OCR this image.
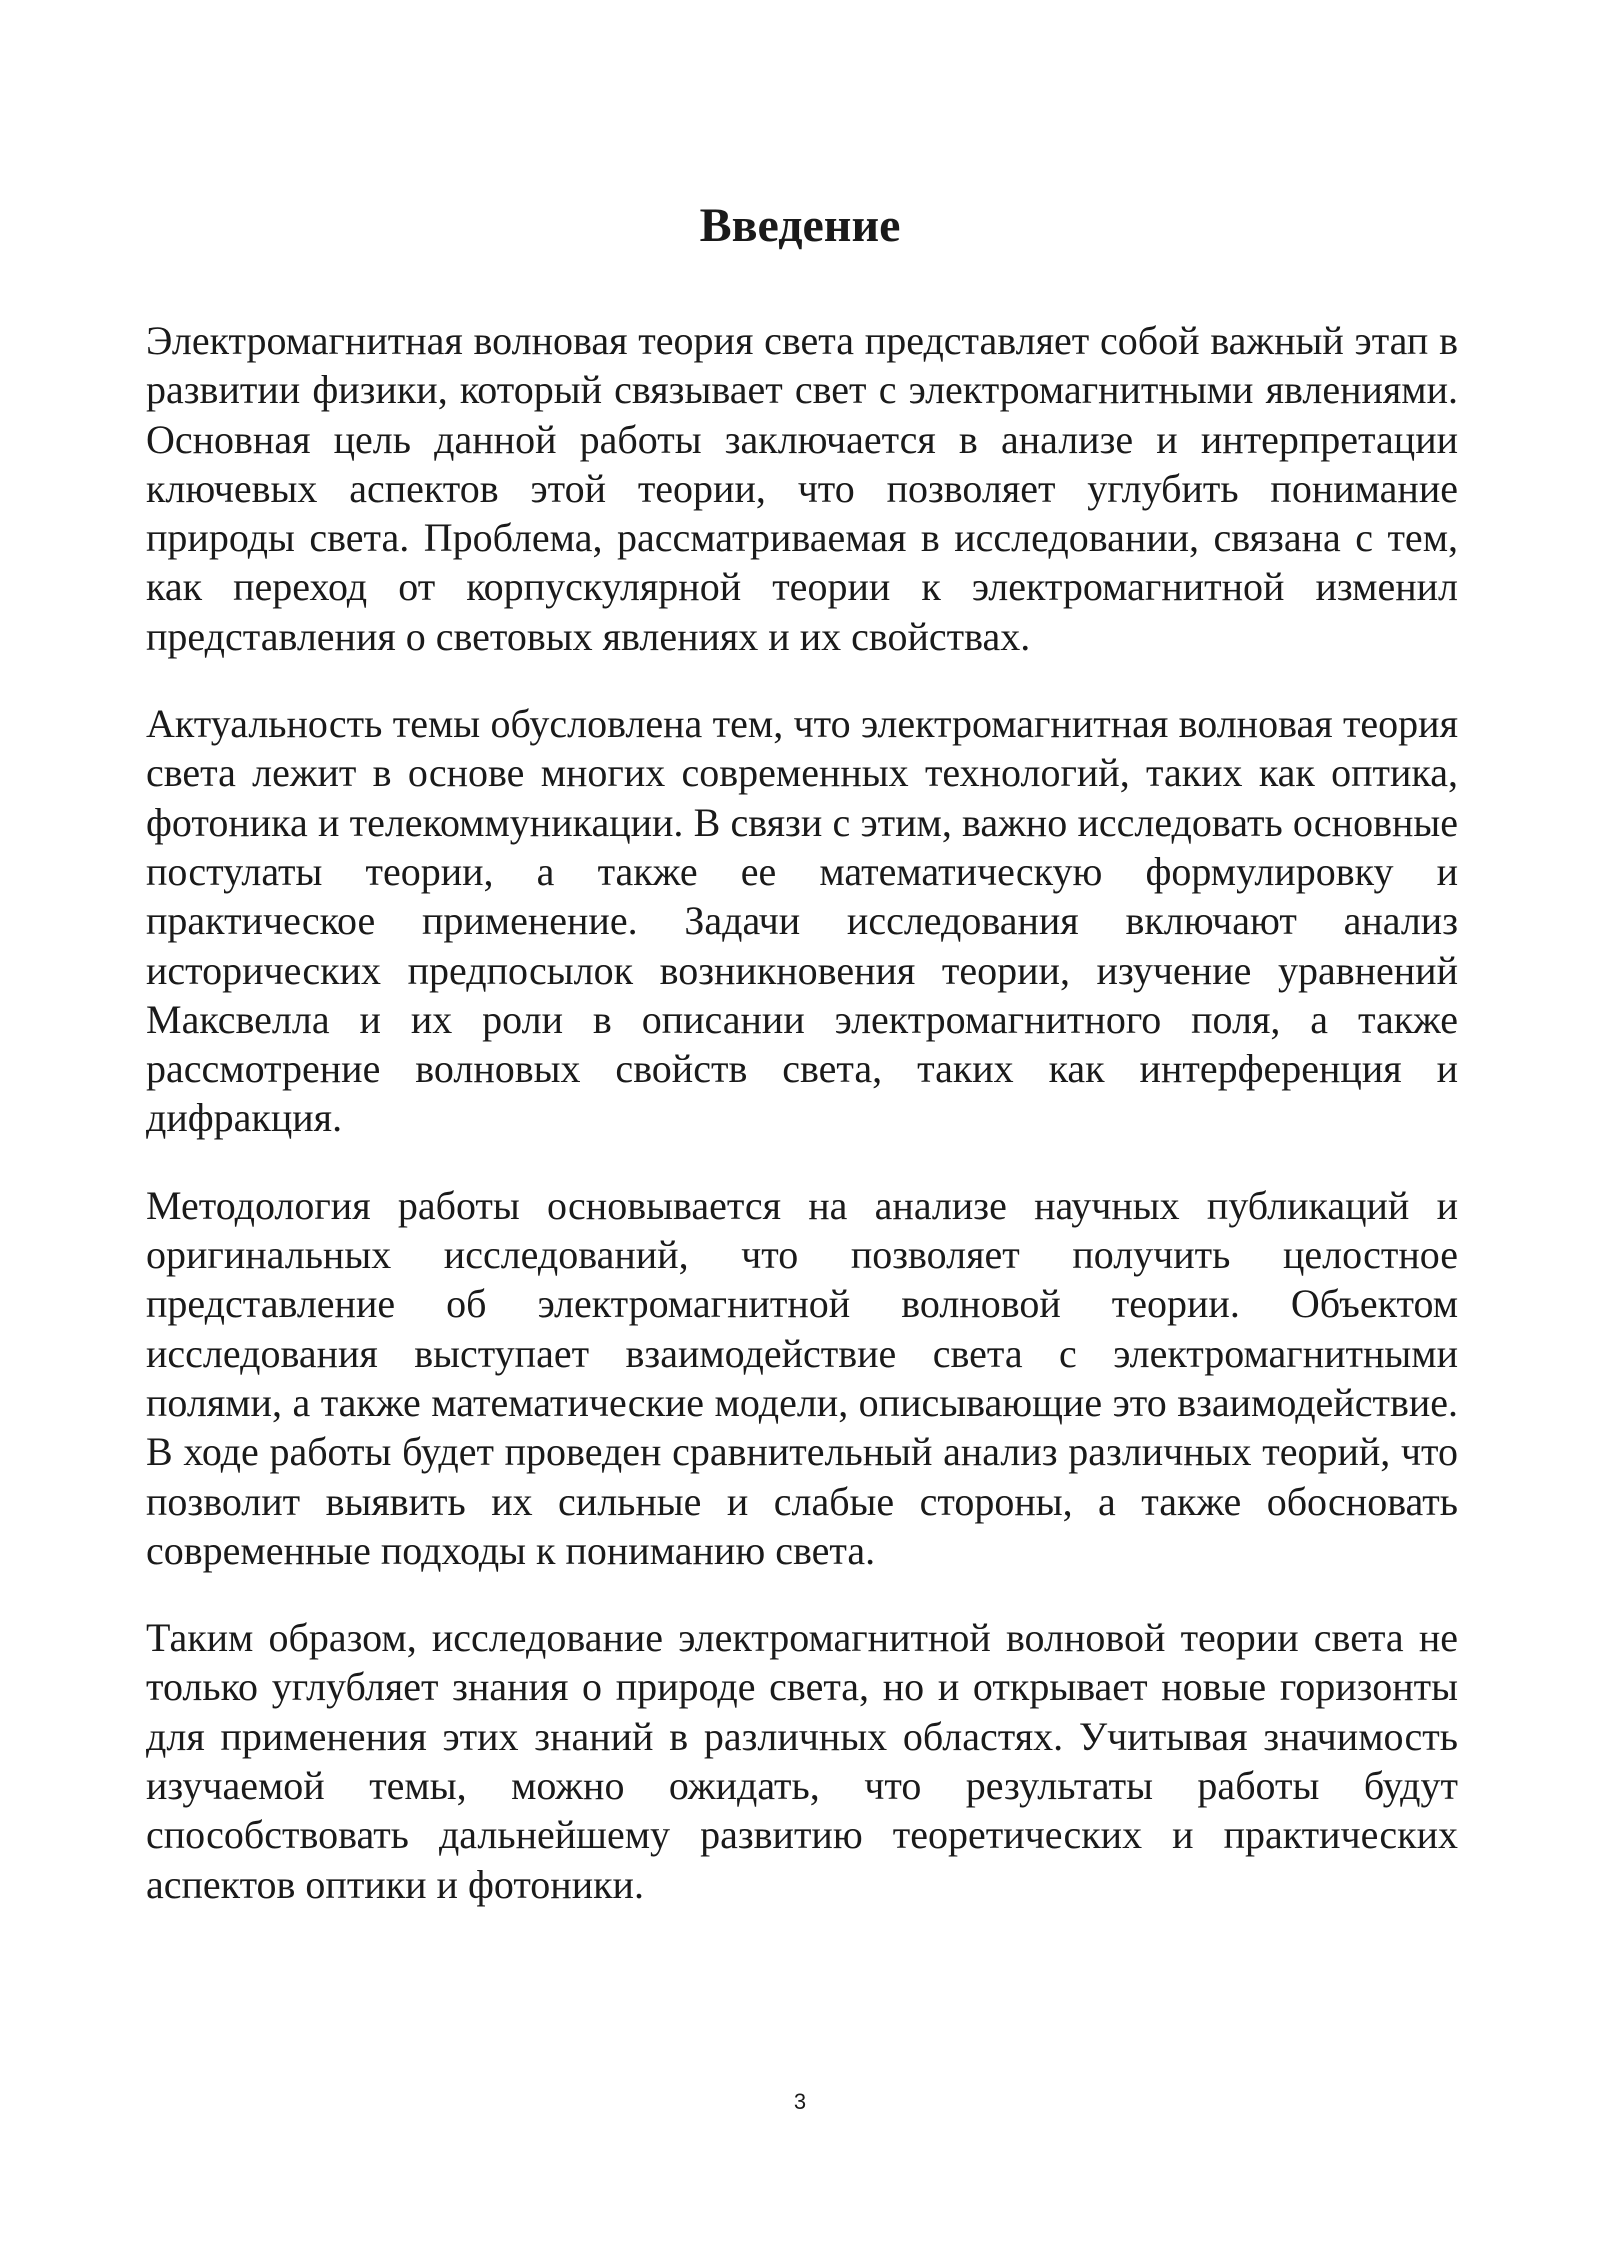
Введение

Электромагнитная волновая теория света представляет собой важный этап в развитии физики, который связывает свет с электромагнитными явлениями. Основная цель данной работы заключается в анализе и интерпретации ключевых аспектов этой теории, что позволяет углубить понимание природы света. Проблема, рассматриваемая в исследовании, связана с тем, как переход от корпускулярной теории к электромагнитной изменил представления о световых явлениях и их свойствах.

Актуальность темы обусловлена тем, что электромагнитная волновая теория света лежит в основе многих современных технологий, таких как оптика, фотоника и телекоммуникации. В связи с этим, важно исследовать основные постулаты теории, а также ее математическую формулировку и практическое применение. Задачи исследования включают анализ исторических предпосылок возникновения теории, изучение уравнений Максвелла и их роли в описании электромагнитного поля, а также рассмотрение волновых свойств света, таких как интерференция и дифракция.

Методология работы основывается на анализе научных публикаций и оригинальных исследований, что позволяет получить целостное представление об электромагнитной волновой теории. Объектом исследования выступает взаимодействие света с электромагнитными полями, а также математические модели, описывающие это взаимодействие. В ходе работы будет проведен сравнительный анализ различных теорий, что позволит выявить их сильные и слабые стороны, а также обосновать современные подходы к пониманию света.

Таким образом, исследование электромагнитной волновой теории света не только углубляет знания о природе света, но и открывает новые горизонты для применения этих знаний в различных областях. Учитывая значимость изучаемой темы, можно ожидать, что результаты работы будут способствовать дальнейшему развитию теоретических и практических аспектов оптики и фотоники.

3
